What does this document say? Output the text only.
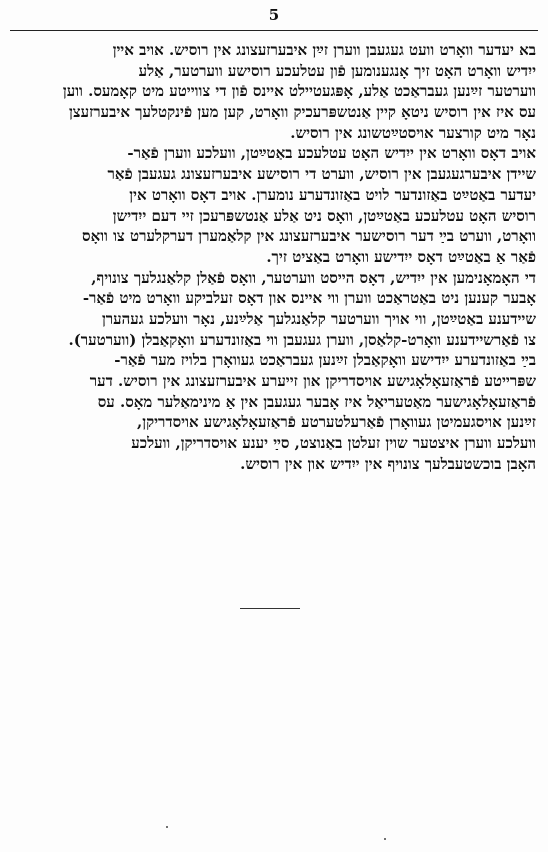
5
בא יעדער וואָרט וועט געגעבן ווערן זײַן איבערזעצונג אין רוסיש. אויב אײן
ייִדיש וואָרט האָט זיך אָנגענומען פֿון עטלעכע רוסישע ווערטער, אַלע
ווערטער זײַנען געבראַכט אַלע, אָפּגעטיילט איינס פֿון די צווייטע מיט קאָמעס. ווען
עס איז אין רוסיש ניטאָ קיין אַנטשפּרעכיק וואָרט, קען מען פֿינקטלעך איבערזעצן
נאָר מיט קורצער אויסטײַטשונג אין רוסיש.
אויב דאָס וואָרט אין ייִדיש האָט עטלעכע באַטײַטן, וועלכע ווערן פֿאַר-
שיידן איבערגעגעבן אין רוסיש, ווערט די רוסישע איבערזעצונג געגעבן פֿאַר
יעדער באַטײַט באַזונדער לויט באַזונדערע נומערן. אויב דאָס וואָרט אין
רוסיש האָט עטלעכע באַטײַטן, וואָס ניט אַלע אַנטשפּרעכן זיי דעם ייִדישן
וואָרט, ווערט בײַ דער רוסישער איבערזעצונג אין קלאַמערן דערקלערט צו וואָס
פֿאַר אַ באַטײַט דאָס ייִדישע וואָרט באַציט זיך.
די האָמאָנימען אין ייִדיש, דאָס הייסט ווערטער, וואָס פֿאַלן קלאַנגלעך צונויף,
אָבער קענען ניט באַטראַכט ווערן ווי איינס און דאָס זעלביקע וואָרט מיט פֿאַר-
שיידענע באַטײַטן, ווי אויך ווערטער קלאַנגלעך אַלײַנע, נאָר וועלכע געהערן
צו פֿאַרשיידענע וואָרט-קלאַסן, ווערן געגעבן ווי באַזונדערע וואָקאַבלן (ווערטער).
בײַ באַזונדערע ייִדישע וואָקאַבלן זײַנען געבראַכט געוואָרן בלויז מער פֿאַר-
שפּרייטע פֿראַזעאָלאָגישע אויסדריקן און זייערע איבערזעצונג אין רוסיש. דער
פֿראַזעאָלאָגישער מאַטעריאַל איז אָבער געגעבן אין אַ מינימאַלער מאָס. עס
זײַנען אויסגעמיטן געוואָרן פֿאַרעלטערטע פֿראַזעאָלאָגישע אויסדריקן,
וועלכע ווערן איצטער שוין זעלטן באַנוצט, סײַ יענע אויסדריקן, וועלכע
האָבן בוכשטעבלעך צונויף אין ייִדיש און אין רוסיש.
